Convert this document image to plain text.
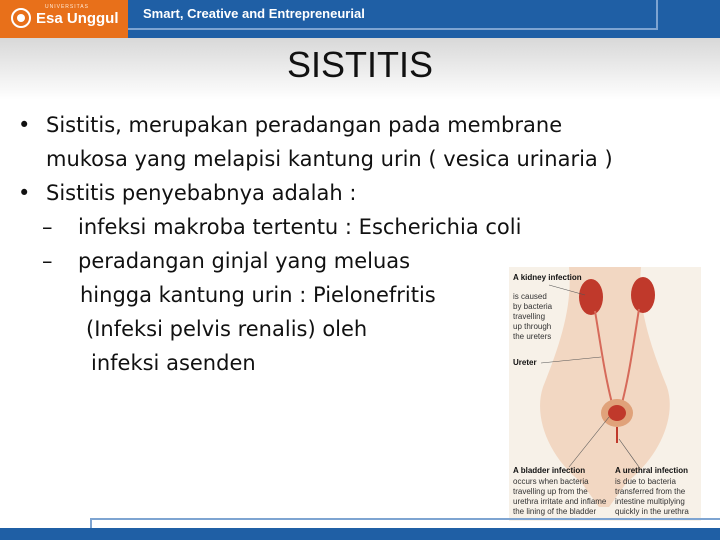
UNIVERSITAS
Esa Unggul Smart, Creative and Entrepreneurial
SISTITIS
• Sistitis, merupakan peradangan pada membrane
mukosa yang melapisi kantung urin ( vesica urinaria )
• Sistitis penyebabnya adalah :
– infeksi makroba tertentu : Escherichia coli
– peradangan ginjal yang meluas
hingga kantung urin : Pielonefritis
(Infeksi pelvis renalis) oleh
infeksi asenden
A kidney infection
is caused
by bacteria
travelling
up through
the ureters
Ureter
A bladder infection
occurs when bacteria
travelling up from the
urethra irritate and inflame
the lining of the bladder
A urethral infection
is due to bacteria
transferred from the
intestine multiplying
quickly in the urethra
